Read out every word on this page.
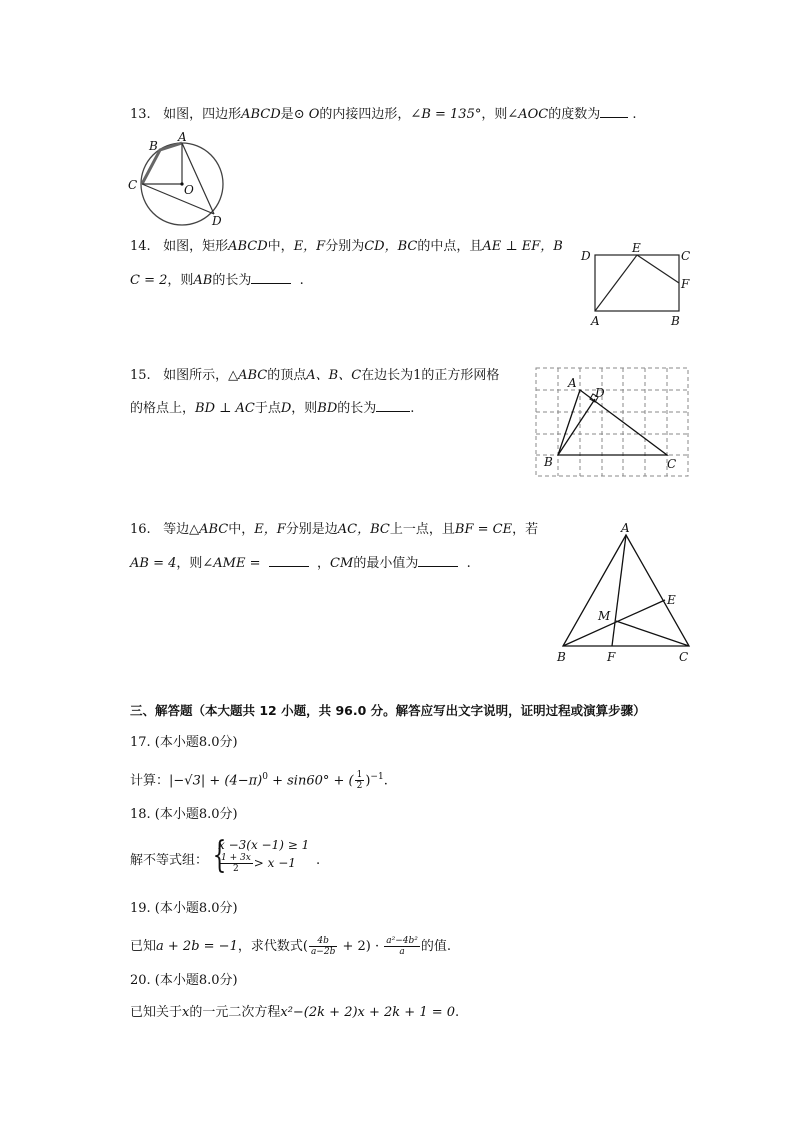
13. 如图，四边形ABCD是⊙ O的内接四边形，∠B = 135°，则∠AOC的度数为 .
A
B
C	O
D
14. 如图，矩形ABCD中，E，F分别为CD，BC的中点，且AE ⊥ EF，B
C = 2，则AB的长为	.
D
E
C
F
A	B
15. 如图所示，△ABC的顶点A、B、C在边长为1的正方形网格
的格点上，BD ⊥ AC于点D，则BD的长为	.
A
D
B	C
16. 等边△ABC中，E，F分别是边AC，BC上一点，且BF = CE，若
AB = 4，则∠AME =	，CM的最小值为	.
A
E
M
B	F	C
三、解答题（本大题共 12 小题，共 96.0 分。解答应写出文字说明，证明过程或演算步骤）
17. (本小题8.0分)
计算：$|-√3| + (4-\pi)^0 + \sin 60^\circ$ + ( $\frac{1}{2} )^{-1}$.
18. (本小题8.0分)
解不等式组： {
x −3(x −1) ≥ 1
$\frac{1 + 3x}{2} > x -1$ .
19. (本小题8.0分)
已知a + 2b = −1，求代数式( $\frac{4b}{a-2b} + 2) \cdot \frac{\text{a²−4b²}}{a}$ 的值.
20. (本小题8.0分)
已知关于x的一元二次方程x²−(2k + 2)x + 2k + 1 = 0.
